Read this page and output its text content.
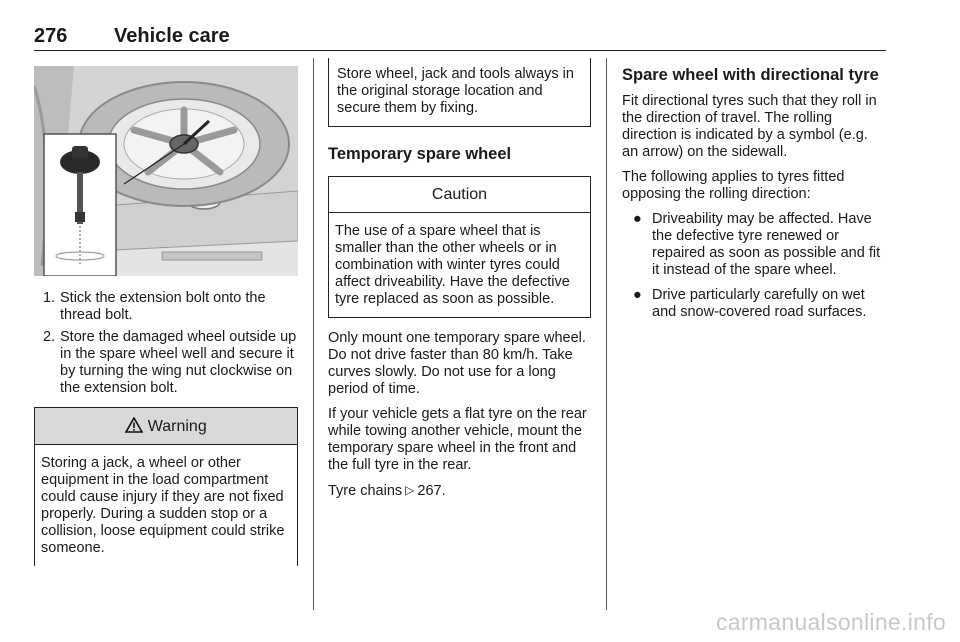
276 Vehicle care
1. Stick the extension bolt onto the thread bolt.
2. Store the damaged wheel outside up in the spare wheel well and secure it by turning the wing nut clockwise on the extension bolt.
Warning
Storing a jack, a wheel or other equipment in the load compartment could cause injury if they are not fixed properly. During a sudden stop or a collision, loose equipment could strike someone.
Store wheel, jack and tools always in the original storage location and secure them by fixing.
Temporary spare wheel
Caution
The use of a spare wheel that is smaller than the other wheels or in combination with winter tyres could affect driveability. Have the defective tyre replaced as soon as possible.

Only mount one temporary spare wheel. Do not drive faster than 80 km/h. Take curves slowly. Do not use for a long period of time.

If your vehicle gets a flat tyre on the rear while towing another vehicle, mount the temporary spare wheel in the front and the full tyre in the rear.

Tyre chains ▷ 267.

Spare wheel with directional tyre

Fit directional tyres such that they roll in the direction of travel. The rolling direction is indicated by a symbol (e.g. an arrow) on the sidewall.

The following applies to tyres fitted opposing the rolling direction:

● Driveability may be affected. Have the defective tyre renewed or repaired as soon as possible and fit it instead of the spare wheel.
● Drive particularly carefully on wet and snow-covered road surfaces.
carmanualsonline.info
